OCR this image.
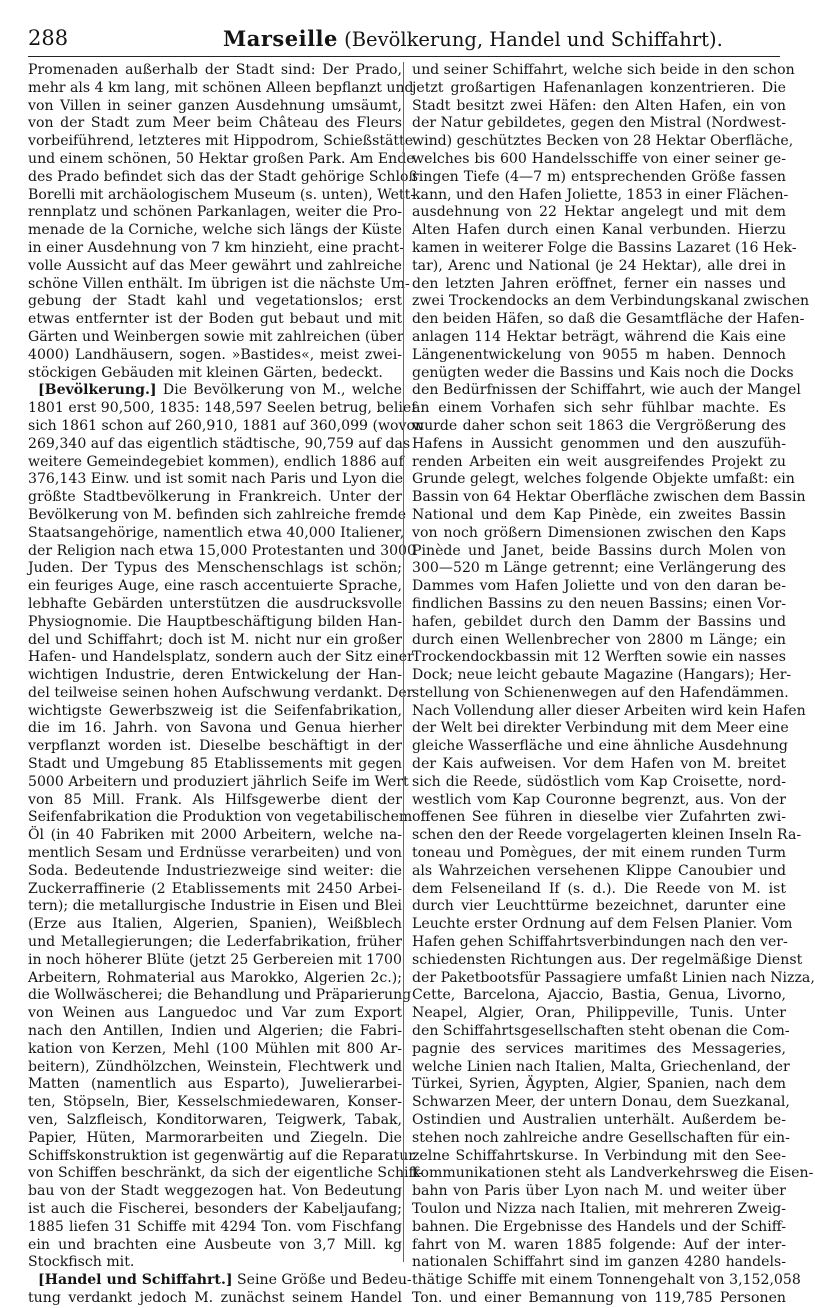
288	Marseille (Bevölkerung, Handel und Schiffahrt).
Promenaden außerhalb der Stadt sind: Der Prado,
mehr als 4 km lang, mit schönen Alleen bepflanzt und
von Villen in seiner ganzen Ausdehnung umsäumt,
von der Stadt zum Meer beim Château des Fleurs
vorbeiführend, letzteres mit Hippodrom, Schießstätte
und einem schönen, 50 Hektar großen Park. Am Ende
des Prado befindet sich das der Stadt gehörige Schloß
Borelli mit archäologischem Museum (s. unten), Wett-
rennplatz und schönen Parkanlagen, weiter die Pro-
menade de la Corniche, welche sich längs der Küste
in einer Ausdehnung von 7 km hinzieht, eine pracht-
volle Aussicht auf das Meer gewährt und zahlreiche
schöne Villen enthält. Im übrigen ist die nächste Um-
gebung der Stadt kahl und vegetationslos; erst
etwas entfernter ist der Boden gut bebaut und mit
Gärten und Weinbergen sowie mit zahlreichen (über
4000) Landhäusern, sogen. »Bastides«, meist zwei-
stöckigen Gebäuden mit kleinen Gärten, bedeckt.
[Bevölkerung.] Die Bevölkerung von M., welche
1801 erst 90,500, 1835: 148,597 Seelen betrug, belief
sich 1861 schon auf 260,910, 1881 auf 360,099 (wovon
269,340 auf das eigentlich städtische, 90,759 auf das
weitere Gemeindegebiet kommen), endlich 1886 auf
376,143 Einw. und ist somit nach Paris und Lyon die
größte Stadtbevölkerung in Frankreich. Unter der
Bevölkerung von M. befinden sich zahlreiche fremde
Staatsangehörige, namentlich etwa 40,000 Italiener,
der Religion nach etwa 15,000 Protestanten und 3000
Juden. Der Typus des Menschenschlags ist schön;
ein feuriges Auge, eine rasch accentuierte Sprache,
lebhafte Gebärden unterstützen die ausdrucksvolle
Physiognomie. Die Hauptbeschäftigung bilden Han-
del und Schiffahrt; doch ist M. nicht nur ein großer
Hafen- und Handelsplatz, sondern auch der Sitz einer
wichtigen Industrie, deren Entwickelung der Han-
del teilweise seinen hohen Aufschwung verdankt. Der
wichtigste Gewerbszweig ist die Seifenfabrikation,
die im 16. Jahrh. von Savona und Genua hierher
verpflanzt worden ist. Dieselbe beschäftigt in der
Stadt und Umgebung 85 Etablissements mit gegen
5000 Arbeitern und produziert jährlich Seife im Wert
von 85 Mill. Frank. Als Hilfsgewerbe dient der
Seifenfabrikation die Produktion von vegetabilischem
Öl (in 40 Fabriken mit 2000 Arbeitern, welche na-
mentlich Sesam und Erdnüsse verarbeiten) und von
Soda. Bedeutende Industriezweige sind weiter: die
Zuckerraffinerie (2 Etablissements mit 2450 Arbei-
tern); die metallurgische Industrie in Eisen und Blei
(Erze aus Italien, Algerien, Spanien), Weißblech
und Metallegierungen; die Lederfabrikation, früher
in noch höherer Blüte (jetzt 25 Gerbereien mit 1700
Arbeitern, Rohmaterial aus Marokko, Algerien 2c.);
die Wollwäscherei; die Behandlung und Präparierung
von Weinen aus Languedoc und Var zum Export
nach den Antillen, Indien und Algerien; die Fabri-
kation von Kerzen, Mehl (100 Mühlen mit 800 Ar-
beitern), Zündhölzchen, Weinstein, Flechtwerk und
Matten (namentlich aus Esparto), Juwelierarbei-
ten, Stöpseln, Bier, Kesselschmiedewaren, Konser-
ven, Salzfleisch, Konditorwaren, Teigwerk, Tabak,
Papier, Hüten, Marmorarbeiten und Ziegeln. Die
Schiffskonstruktion ist gegenwärtig auf die Reparatur
von Schiffen beschränkt, da sich der eigentliche Schiff-
bau von der Stadt weggezogen hat. Von Bedeutung
ist auch die Fischerei, besonders der Kabeljaufang;
1885 liefen 31 Schiffe mit 4294 Ton. vom Fischfang
ein und brachten eine Ausbeute von 3,7 Mill. kg
Stockfisch mit.
[Handel und Schiffahrt.] Seine Größe und Bedeu-
tung verdankt jedoch M. zunächst seinem Handel
und seiner Schiffahrt, welche sich beide in den schon
jetzt großartigen Hafenanlagen konzentrieren. Die
Stadt besitzt zwei Häfen: den Alten Hafen, ein von
der Natur gebildetes, gegen den Mistral (Nordwest-
wind) geschütztes Becken von 28 Hektar Oberfläche,
welches bis 600 Handelsschiffe von einer seiner ge-
ringen Tiefe (4—7 m) entsprechenden Größe fassen
kann, und den Hafen Joliette, 1853 in einer Flächen-
ausdehnung von 22 Hektar angelegt und mit dem
Alten Hafen durch einen Kanal verbunden. Hierzu
kamen in weiterer Folge die Bassins Lazaret (16 Hek-
tar), Arenc und National (je 24 Hektar), alle drei in
den letzten Jahren eröffnet, ferner ein nasses und
zwei Trockendocks an dem Verbindungskanal zwischen
den beiden Häfen, so daß die Gesamtfläche der Hafen-
anlagen 114 Hektar beträgt, während die Kais eine
Längenentwickelung von 9055 m haben. Dennoch
genügten weder die Bassins und Kais noch die Docks
den Bedürfnissen der Schiffahrt, wie auch der Mangel
an einem Vorhafen sich sehr fühlbar machte. Es
wurde daher schon seit 1863 die Vergrößerung des
Hafens in Aussicht genommen und den auszufüh-
renden Arbeiten ein weit ausgreifendes Projekt zu
Grunde gelegt, welches folgende Objekte umfaßt: ein
Bassin von 64 Hektar Oberfläche zwischen dem Bassin
National und dem Kap Pinède, ein zweites Bassin
von noch größern Dimensionen zwischen den Kaps
Pinède und Janet, beide Bassins durch Molen von
300—520 m Länge getrennt; eine Verlängerung des
Dammes vom Hafen Joliette und von den daran be-
findlichen Bassins zu den neuen Bassins; einen Vor-
hafen, gebildet durch den Damm der Bassins und
durch einen Wellenbrecher von 2800 m Länge; ein
Trockendockbassin mit 12 Werften sowie ein nasses
Dock; neue leicht gebaute Magazine (Hangars); Her-
stellung von Schienenwegen auf den Hafendämmen.
Nach Vollendung aller dieser Arbeiten wird kein Hafen
der Welt bei direkter Verbindung mit dem Meer eine
gleiche Wasserfläche und eine ähnliche Ausdehnung
der Kais aufweisen. Vor dem Hafen von M. breitet
sich die Reede, südöstlich vom Kap Croisette, nord-
westlich vom Kap Couronne begrenzt, aus. Von der
offenen See führen in dieselbe vier Zufahrten zwi-
schen den der Reede vorgelagerten kleinen Inseln Ra-
toneau und Pomègues, der mit einem runden Turm
als Wahrzeichen versehenen Klippe Canoubier und
dem Felseneiland If (s. d.). Die Reede von M. ist
durch vier Leuchttürme bezeichnet, darunter eine
Leuchte erster Ordnung auf dem Felsen Planier. Vom
Hafen gehen Schiffahrtsverbindungen nach den ver-
schiedensten Richtungen aus. Der regelmäßige Dienst
der Paketbootsfür Passagiere umfaßt Linien nach Nizza,
Cette, Barcelona, Ajaccio, Bastia, Genua, Livorno,
Neapel, Algier, Oran, Philippeville, Tunis. Unter
den Schiffahrtsgesellschaften steht obenan die Com-
pagnie des services maritimes des Messageries,
welche Linien nach Italien, Malta, Griechenland, der
Türkei, Syrien, Ägypten, Algier, Spanien, nach dem
Schwarzen Meer, der untern Donau, dem Suezkanal,
Ostindien und Australien unterhält. Außerdem be-
stehen noch zahlreiche andre Gesellschaften für ein-
zelne Schiffahrtskurse. In Verbindung mit den See-
kommunikationen steht als Landverkehrsweg die Eisen-
bahn von Paris über Lyon nach M. und weiter über
Toulon und Nizza nach Italien, mit mehreren Zweig-
bahnen. Die Ergebnisse des Handels und der Schiff-
fahrt von M. waren 1885 folgende: Auf der inter-
nationalen Schiffahrt sind im ganzen 4280 handels-
thätige Schiffe mit einem Tonnengehalt von 3,152,058
Ton. und einer Bemannung von 119,785 Personen
